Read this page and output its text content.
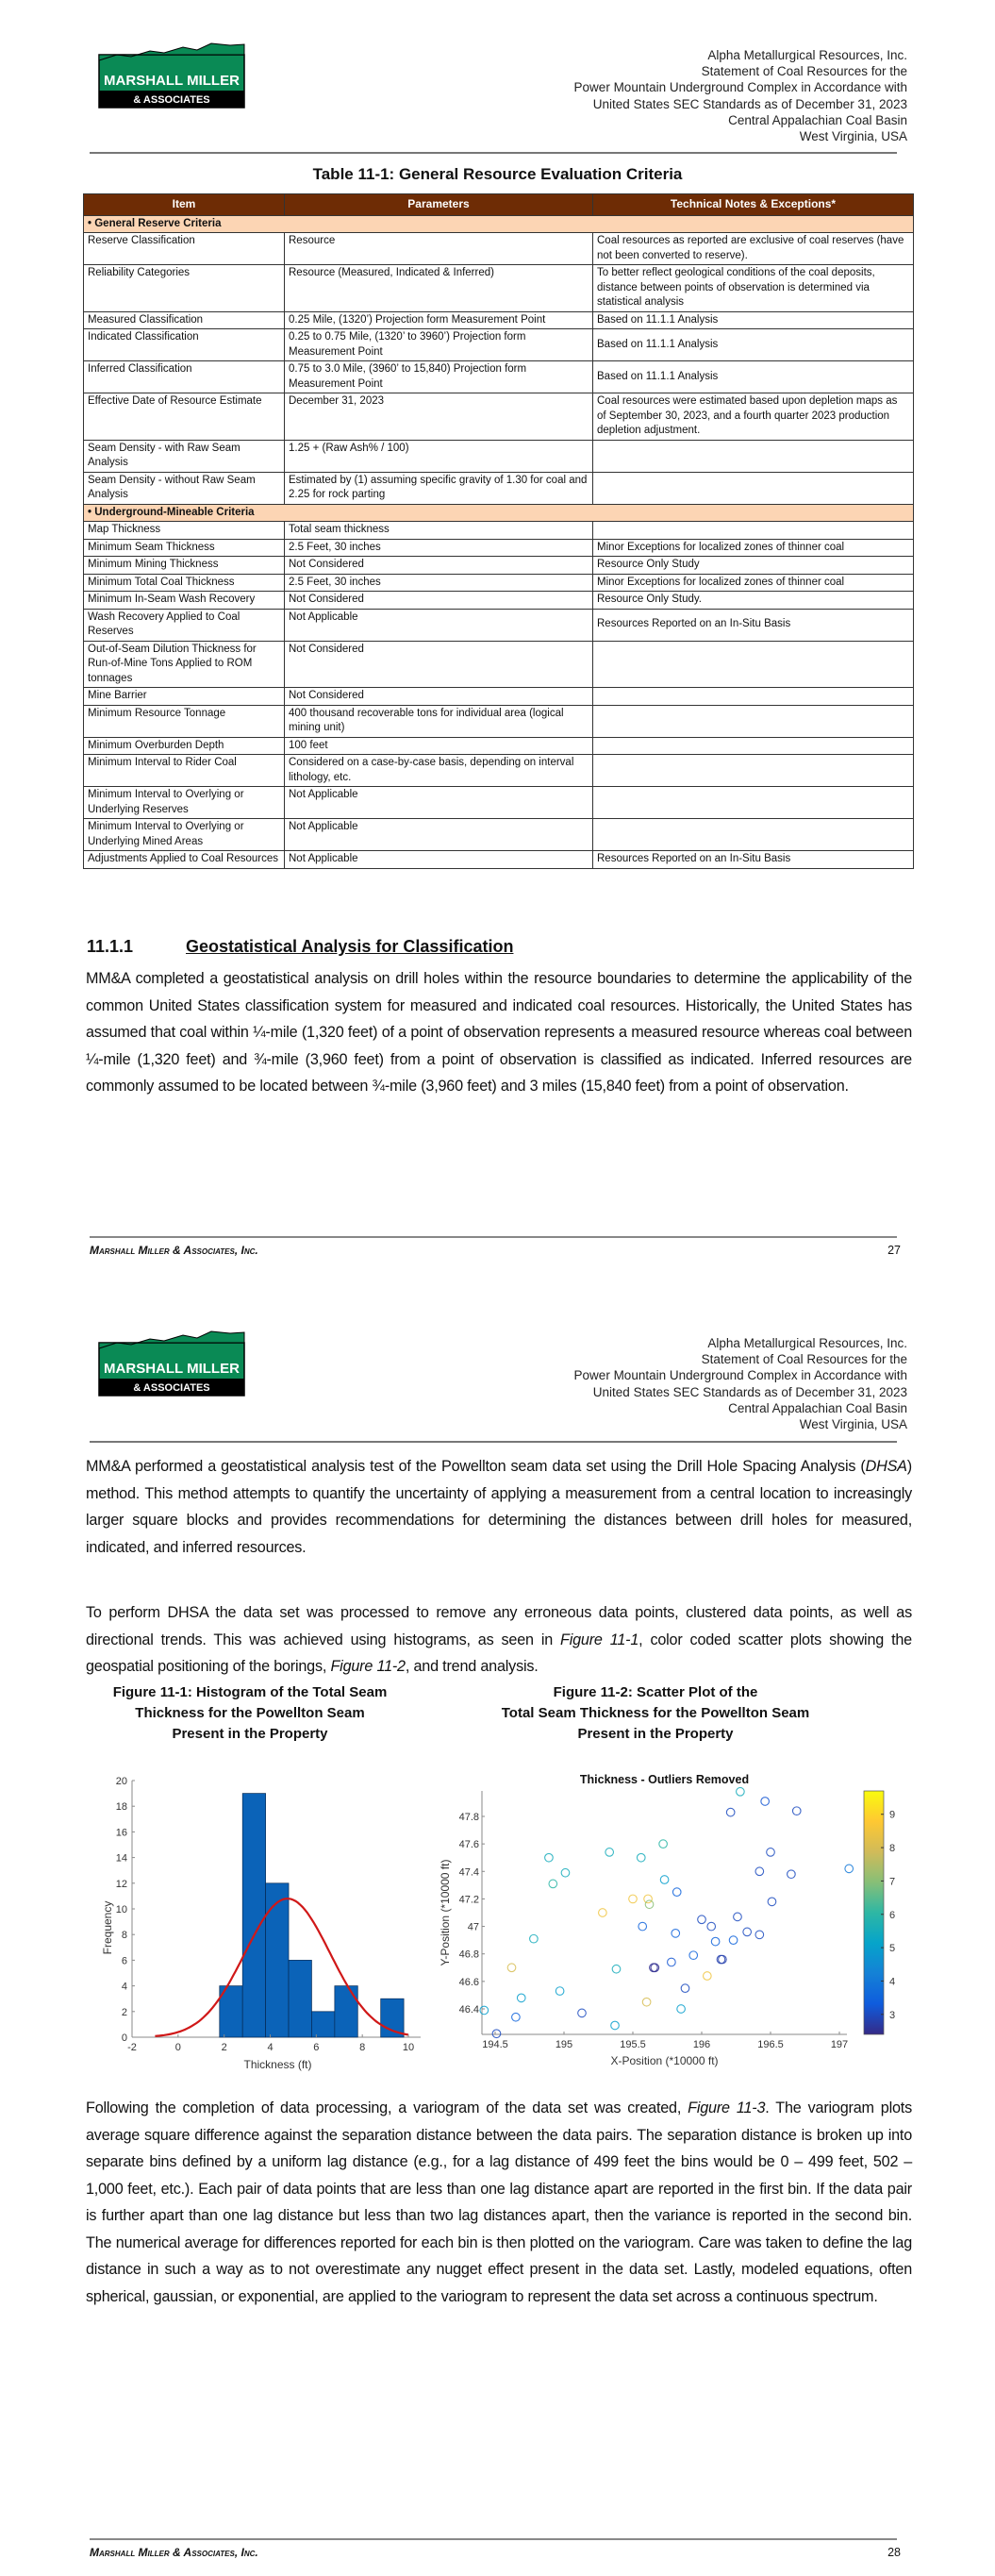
MARSHALL MILLER
& ASSOCIATES
Alpha Metallurgical Resources, Inc.
Statement of Coal Resources for the
Power Mountain Underground Complex in Accordance with
United States SEC Standards as of December 31, 2023
Central Appalachian Coal Basin
West Virginia, USA
Table 11-1: General Resource Evaluation Criteria
Item	Parameters	Technical Notes & Exceptions*
• General Reserve Criteria		
Reserve Classification	Resource	Coal resources as reported are exclusive of coal reserves (have not been converted to reserve).
Reliability Categories	Resource (Measured, Indicated & Inferred)	To better reflect geological conditions of the coal deposits, distance between points of observation is determined via statistical analysis
Measured Classification	0.25 Mile, (1320’) Projection form Measurement Point	Based on 11.1.1 Analysis
Indicated Classification	0.25 to 0.75 Mile, (1320’ to 3960’) Projection form Measurement Point	Based on 11.1.1 Analysis
Inferred Classification	0.75 to 3.0 Mile, (3960’ to 15,840) Projection form Measurement Point	Based on 11.1.1 Analysis
Effective Date of Resource Estimate	December 31, 2023	Coal resources were estimated based upon depletion maps as of September 30, 2023, and a fourth quarter 2023 production depletion adjustment.
Seam Density - with Raw Seam Analysis	1.25 + (Raw Ash% / 100)	
Seam Density - without Raw Seam Analysis	Estimated by (1) assuming specific gravity of 1.30 for coal and 2.25 for rock parting	
• Underground-Mineable Criteria		
Map Thickness	Total seam thickness	
Minimum Seam Thickness	2.5 Feet, 30 inches	Minor Exceptions for localized zones of thinner coal
Minimum Mining Thickness	Not Considered	Resource Only Study
Minimum Total Coal Thickness	2.5 Feet, 30 inches	Minor Exceptions for localized zones of thinner coal
Minimum In-Seam Wash Recovery	Not Considered	Resource Only Study.
Wash Recovery Applied to Coal Reserves	Not Applicable	Resources Reported on an In-Situ Basis
Out-of-Seam Dilution Thickness for Run-of-Mine Tons Applied to ROM tonnages	Not Considered	
Mine Barrier	Not Considered	
Minimum Resource Tonnage	400 thousand recoverable tons for individual area (logical mining unit)	
Minimum Overburden Depth	100 feet	
Minimum Interval to Rider Coal	Considered on a case-by-case basis, depending on interval lithology, etc.	
Minimum Interval to Overlying or Underlying Reserves	Not Applicable	
Minimum Interval to Overlying or Underlying Mined Areas	Not Applicable	
Adjustments Applied to Coal Resources	Not Applicable	Resources Reported on an In-Situ Basis
11.1.1	Geostatistical Analysis for Classification
MM&A completed a geostatistical analysis on drill holes within the resource boundaries to determine the applicability of the common United States classification system for measured and indicated coal resources. Historically, the United States has assumed that coal within ¼-mile (1,320 feet) of a point of observation represents a measured resource whereas coal between ¼-mile (1,320 feet) and ¾-mile (3,960 feet) from a point of observation is classified as indicated. Inferred resources are commonly assumed to be located between ¾-mile (3,960 feet) and 3 miles (15,840 feet) from a point of observation.
Marshall Miller & Associates, Inc.	27
MARSHALL MILLER
& ASSOCIATES
Alpha Metallurgical Resources, Inc.
Statement of Coal Resources for the
Power Mountain Underground Complex in Accordance with
United States SEC Standards as of December 31, 2023
Central Appalachian Coal Basin
West Virginia, USA
MM&A performed a geostatistical analysis test of the Powellton seam data set using the Drill Hole Spacing Analysis (DHSA) method. This method attempts to quantify the uncertainty of applying a measurement from a central location to increasingly larger square blocks and provides recommendations for determining the distances between drill holes for measured, indicated, and inferred resources.
To perform DHSA the data set was processed to remove any erroneous data points, clustered data points, as well as directional trends. This was achieved using histograms, as seen in Figure 11-1, color coded scatter plots showing the geospatial positioning of the borings, Figure 11-2, and trend analysis.
Figure 11-1: Histogram of the Total Seam
Thickness for the Powellton Seam
Present in the Property
Figure 11-2: Scatter Plot of the
Total Seam Thickness for the Powellton Seam
Present in the Property
-2	0	2	4	6	8	10
0
2
4
6
8
10
12
14
16
18
20
Thickness (ft)
Frequency
Thickness - Outliers Removed
194.5	195	195.5	196	196.5	197
46.4
46.6
46.8
47
47.2
47.4
47.6
47.8
X-Position (*10000 ft)
Y-Position (*10000 ft)
3
4
5
6
7
8
9
Following the completion of data processing, a variogram of the data set was created, Figure 11-3. The variogram plots average square difference against the separation distance between the data pairs. The separation distance is broken up into separate bins defined by a uniform lag distance (e.g., for a lag distance of 499 feet the bins would be 0 – 499 feet, 502 – 1,000 feet, etc.). Each pair of data points that are less than one lag distance apart are reported in the first bin. If the data pair is further apart than one lag distance but less than two lag distances apart, then the variance is reported in the second bin. The numerical average for differences reported for each bin is then plotted on the variogram. Care was taken to define the lag distance in such a way as to not overestimate any nugget effect present in the data set. Lastly, modeled equations, often spherical, gaussian, or exponential, are applied to the variogram to represent the data set across a continuous spectrum.
Marshall Miller & Associates, Inc.	28
